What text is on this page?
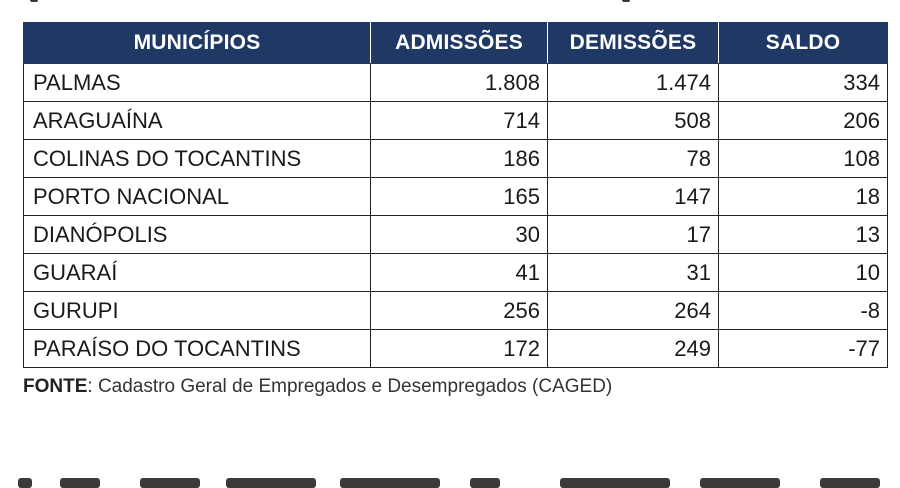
MUNICÍPIOS	ADMISSÕES	DEMISSÕES	SALDO
PALMAS	1.808	1.474	334
ARAGUAÍNA	714	508	206
COLINAS DO TOCANTINS	186	78	108
PORTO NACIONAL	165	147	18
DIANÓPOLIS	30	17	13
GUARAÍ	41	31	10
GURUPI	256	264	-8
PARAÍSO DO TOCANTINS	172	249	-77
FONTE: Cadastro Geral de Empregados e Desempregados (CAGED)
